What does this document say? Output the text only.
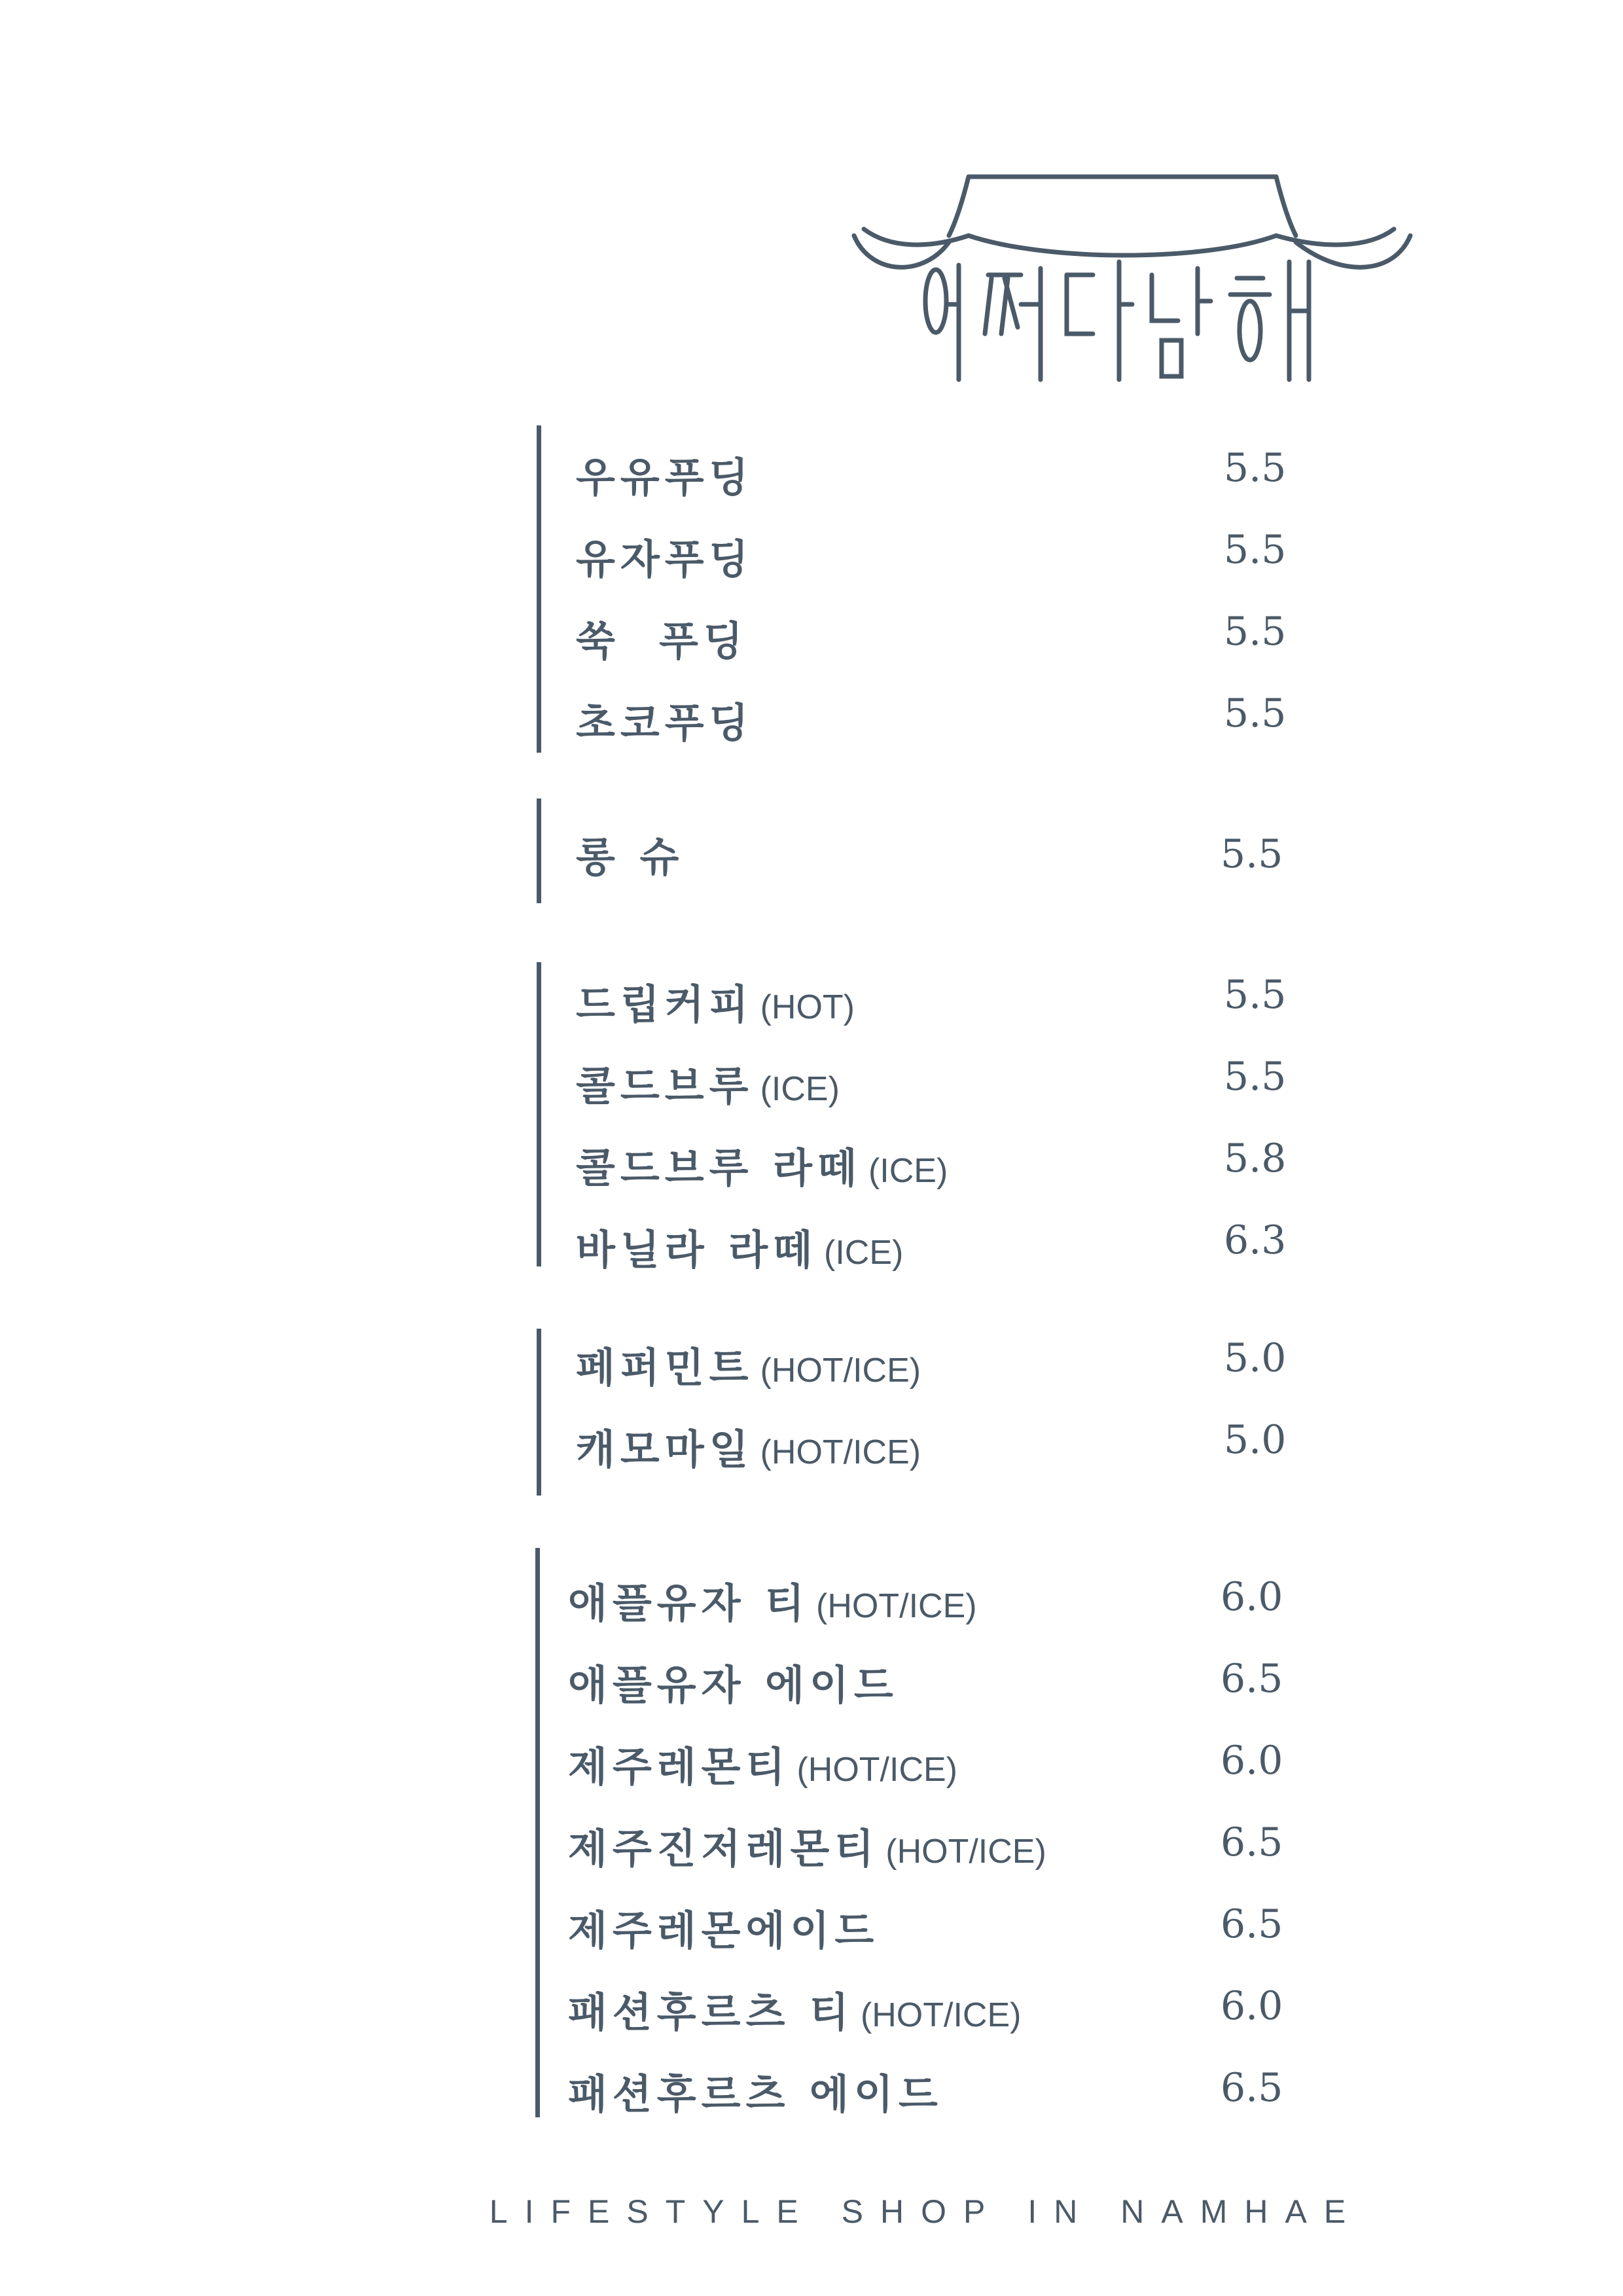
우유푸딩	5.5
유자푸딩	5.5
쑥  푸딩	5.5
초코푸딩	5.5
롱 슈	5.5
드립커피 (HOT)	5.5
콜드브루 (ICE)	5.5
콜드브루 라떼 (ICE)	5.8
바닐라 라떼 (ICE)	6.3
페퍼민트 (HOT/ICE)	5.0
캐모마일 (HOT/ICE)	5.0
애플유자 티 (HOT/ICE)	6.0
애플유자 에이드	6.5
제주레몬티 (HOT/ICE)	6.0
제주진저레몬티 (HOT/ICE)	6.5
제주레몬에이드	6.5
패션후르츠 티 (HOT/ICE)	6.0
패션후르츠 에이드	6.5
LIFESTYLE SHOP IN NAMHAE
